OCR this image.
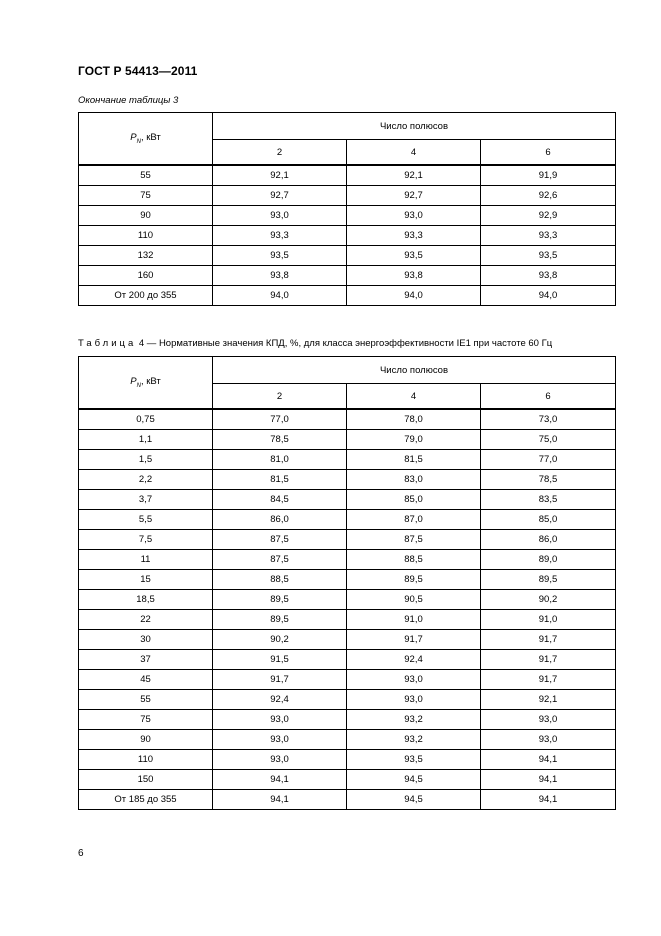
ГОСТ Р 54413—2011
Окончание таблицы 3
$P_N$, кВт	Число полюсов		
	2	4	6
55	92,1	92,1	91,9
75	92,7	92,7	92,6
90	93,0	93,0	92,9
110	93,3	93,3	93,3
132	93,5	93,5	93,5
160	93,8	93,8	93,8
От 200 до 355	94,0	94,0	94,0
Таблица 4 — Нормативные значения КПД, %, для класса энергоэффективности IE1 при частоте 60 Гц
$P_N$, кВт	Число полюсов		
	2	4	6
0,75	77,0	78,0	73,0
1,1	78,5	79,0	75,0
1,5	81,0	81,5	77,0
2,2	81,5	83,0	78,5
3,7	84,5	85,0	83,5
5,5	86,0	87,0	85,0
7,5	87,5	87,5	86,0
11	87,5	88,5	89,0
15	88,5	89,5	89,5
18,5	89,5	90,5	90,2
22	89,5	91,0	91,0
30	90,2	91,7	91,7
37	91,5	92,4	91,7
45	91,7	93,0	91,7
55	92,4	93,0	92,1
75	93,0	93,2	93,0
90	93,0	93,2	93,0
110	93,0	93,5	94,1
150	94,1	94,5	94,1
От 185 до 355	94,1	94,5	94,1
6
